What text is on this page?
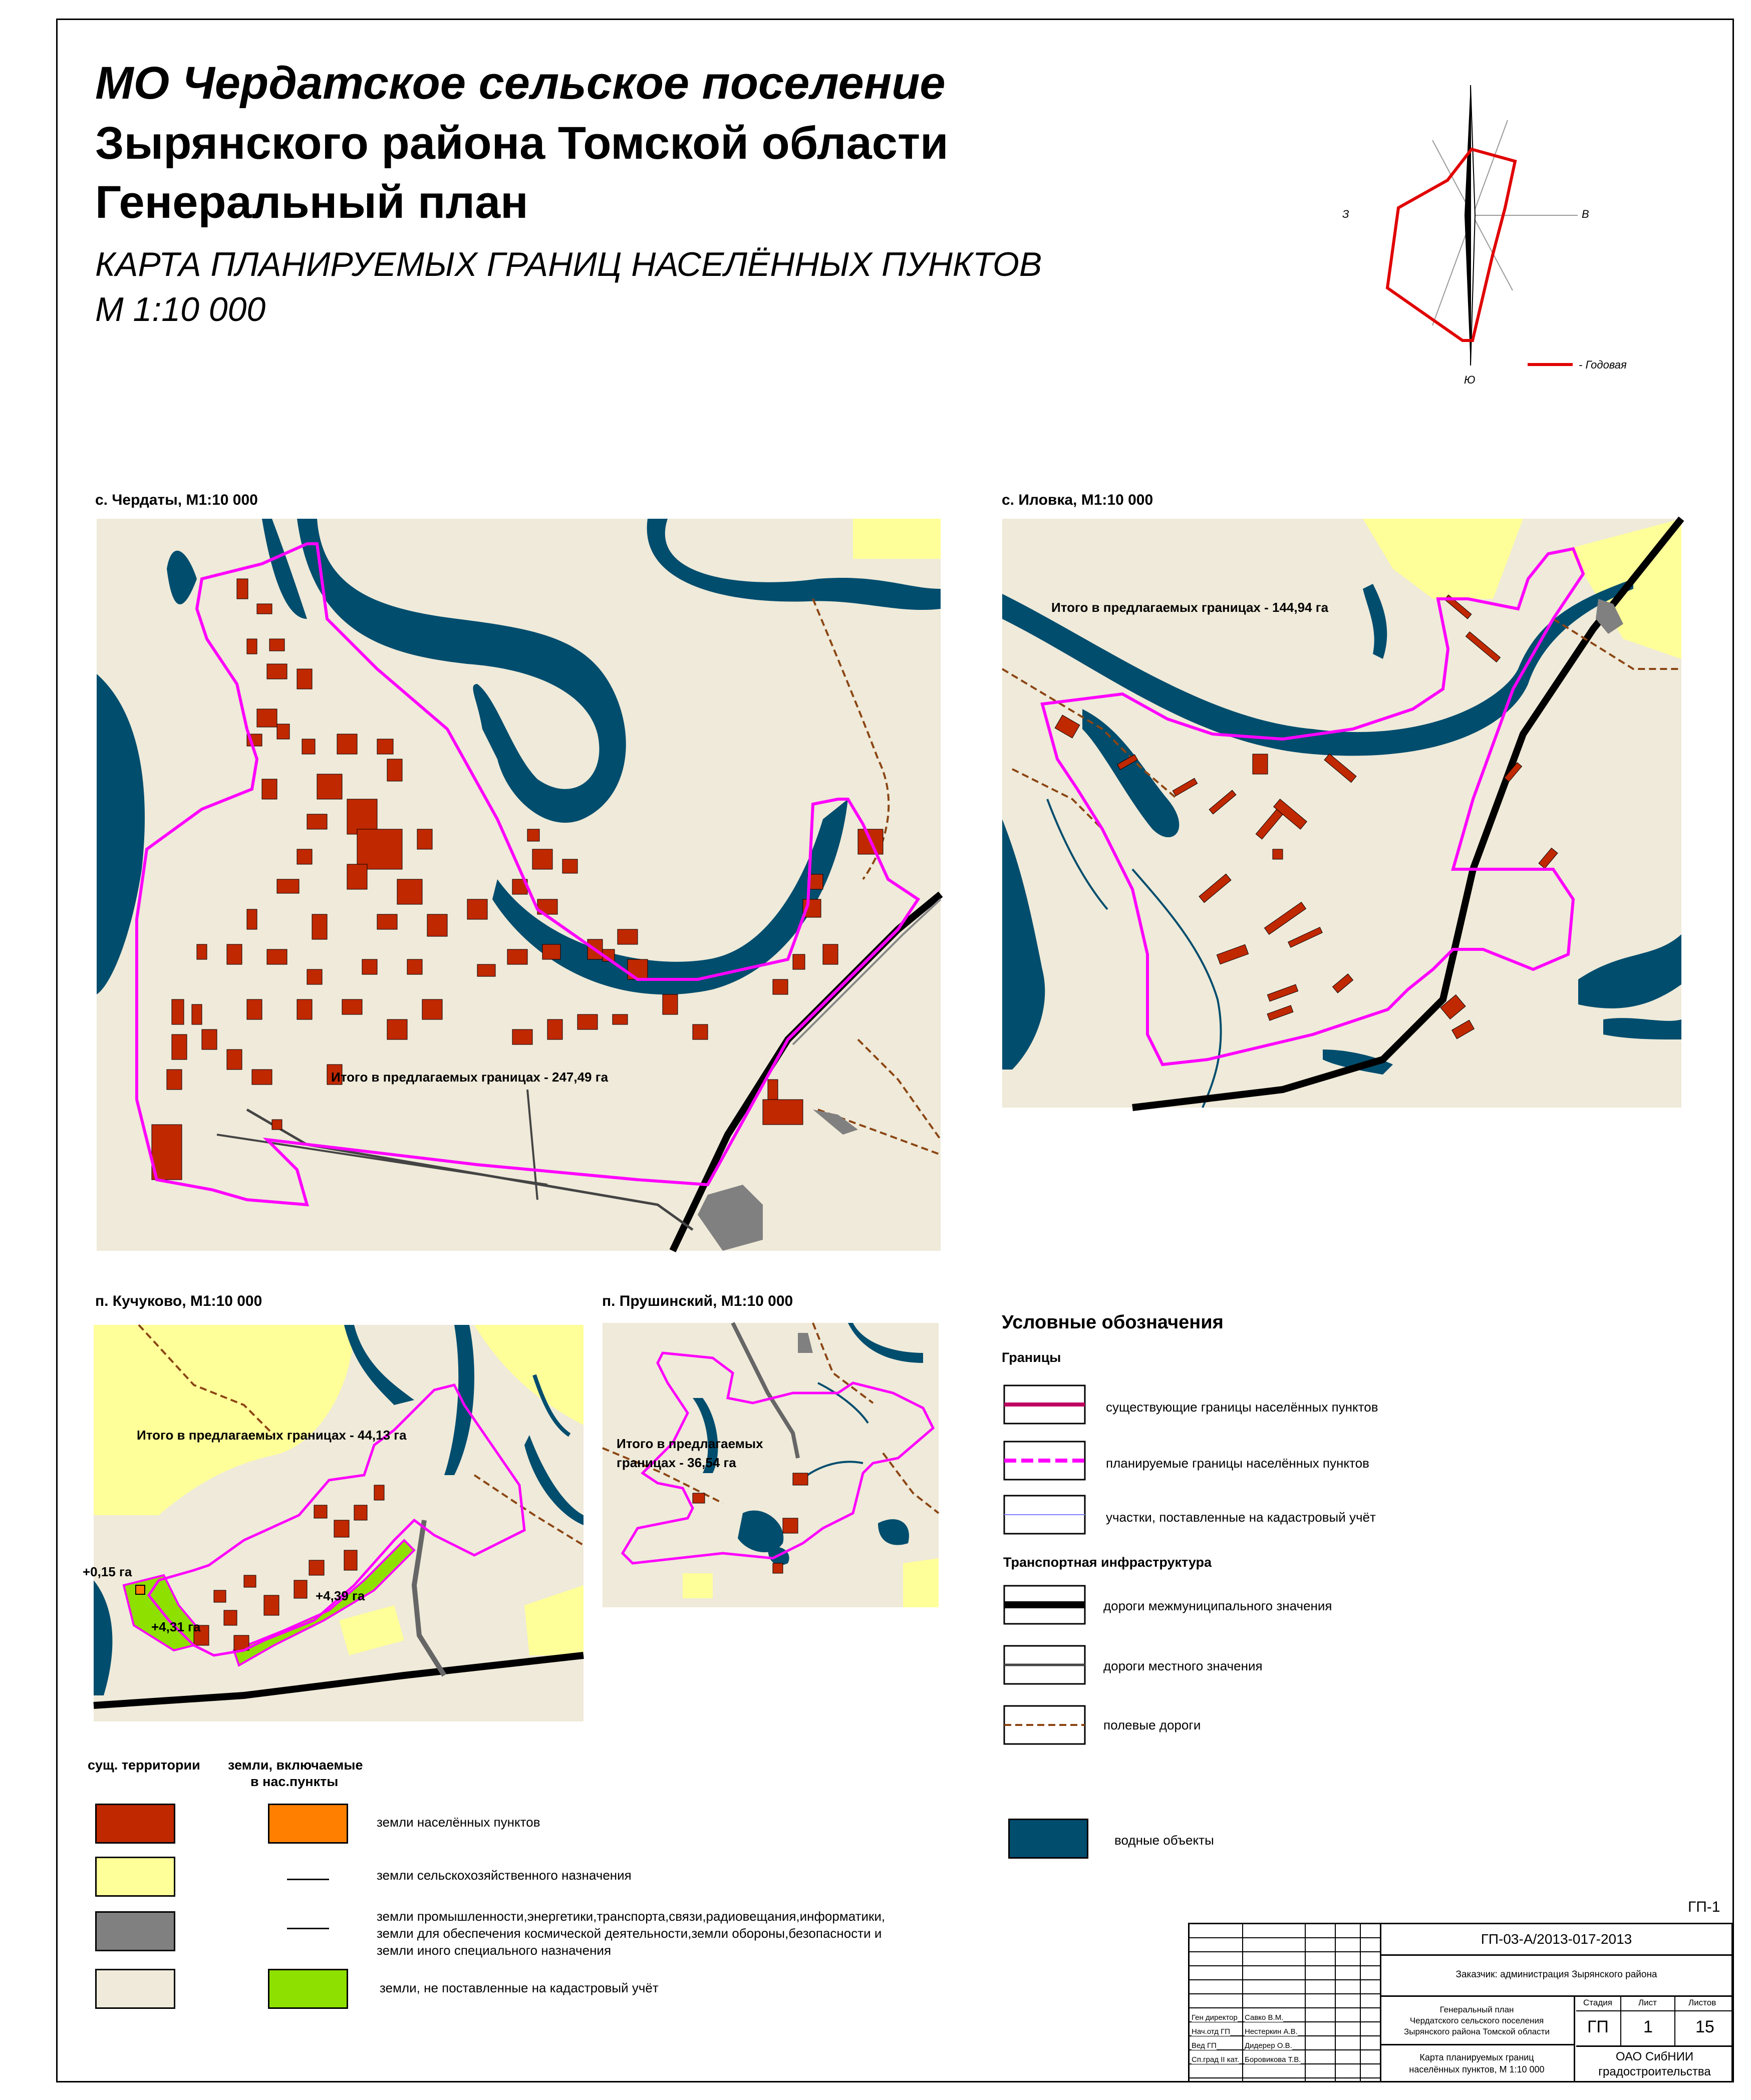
МО Чердатское сельское поселение
Зырянского района Томской области
Генеральный план
КАРТА ПЛАНИРУЕМЫХ ГРАНИЦ НАСЕЛЁННЫХ ПУНКТОВ
М 1:10 000
З	В
Ю
- Годовая
с. Чердаты, М1:10 000
Итого в предлагаемых границах - 247,49 га
с. Иловка, М1:10 000
Итого в предлагаемых границах - 144,94 га
п. Кучуково, М1:10 000
Итого в предлагаемых границах - 44,13 га
+0,15 га
+4,31 га
+4,39 га
п. Прушинский, М1:10 000
Итого в предлагаемых
границах - 36,54 га
Условные обозначения
Границы
существующие границы населённых пунктов
планируемые границы населённых пунктов
участки, поставленные на кадастровый учёт
Транспортная инфраструктура
дороги межмуниципального значения
дороги местного значения
полевые дороги
водные объекты
сущ. территории земли, включаемые
в нас.пункты
земли населённых пунктов
земли сельскохозяйственного назначения
земли промышленности,энергетики,транспорта,связи,радиовещания,информатики,
земли для обеспечения космической деятельности,земли обороны,безопасности и
земли иного специального назначения
земли, не поставленные на кадастровый учёт
ГП-1
Ген директор Савко В.М.
Нач.отд ГП Нестеркин А.В.
Вед ГП	Дидерер О.В.
Сп.град II кат. Боровикова Т.В.
ГП-03-А/2013-017-2013
Заказчик: администрация Зырянского района
Генеральный план
Чердатского сельского поселения
Зырянского района Томской области
Стадия	Лист	Листов
ГП 1	15
Карта планируемых границ
населённых пунктов, М 1:10 000
ОАО СибНИИ
градостроительства
